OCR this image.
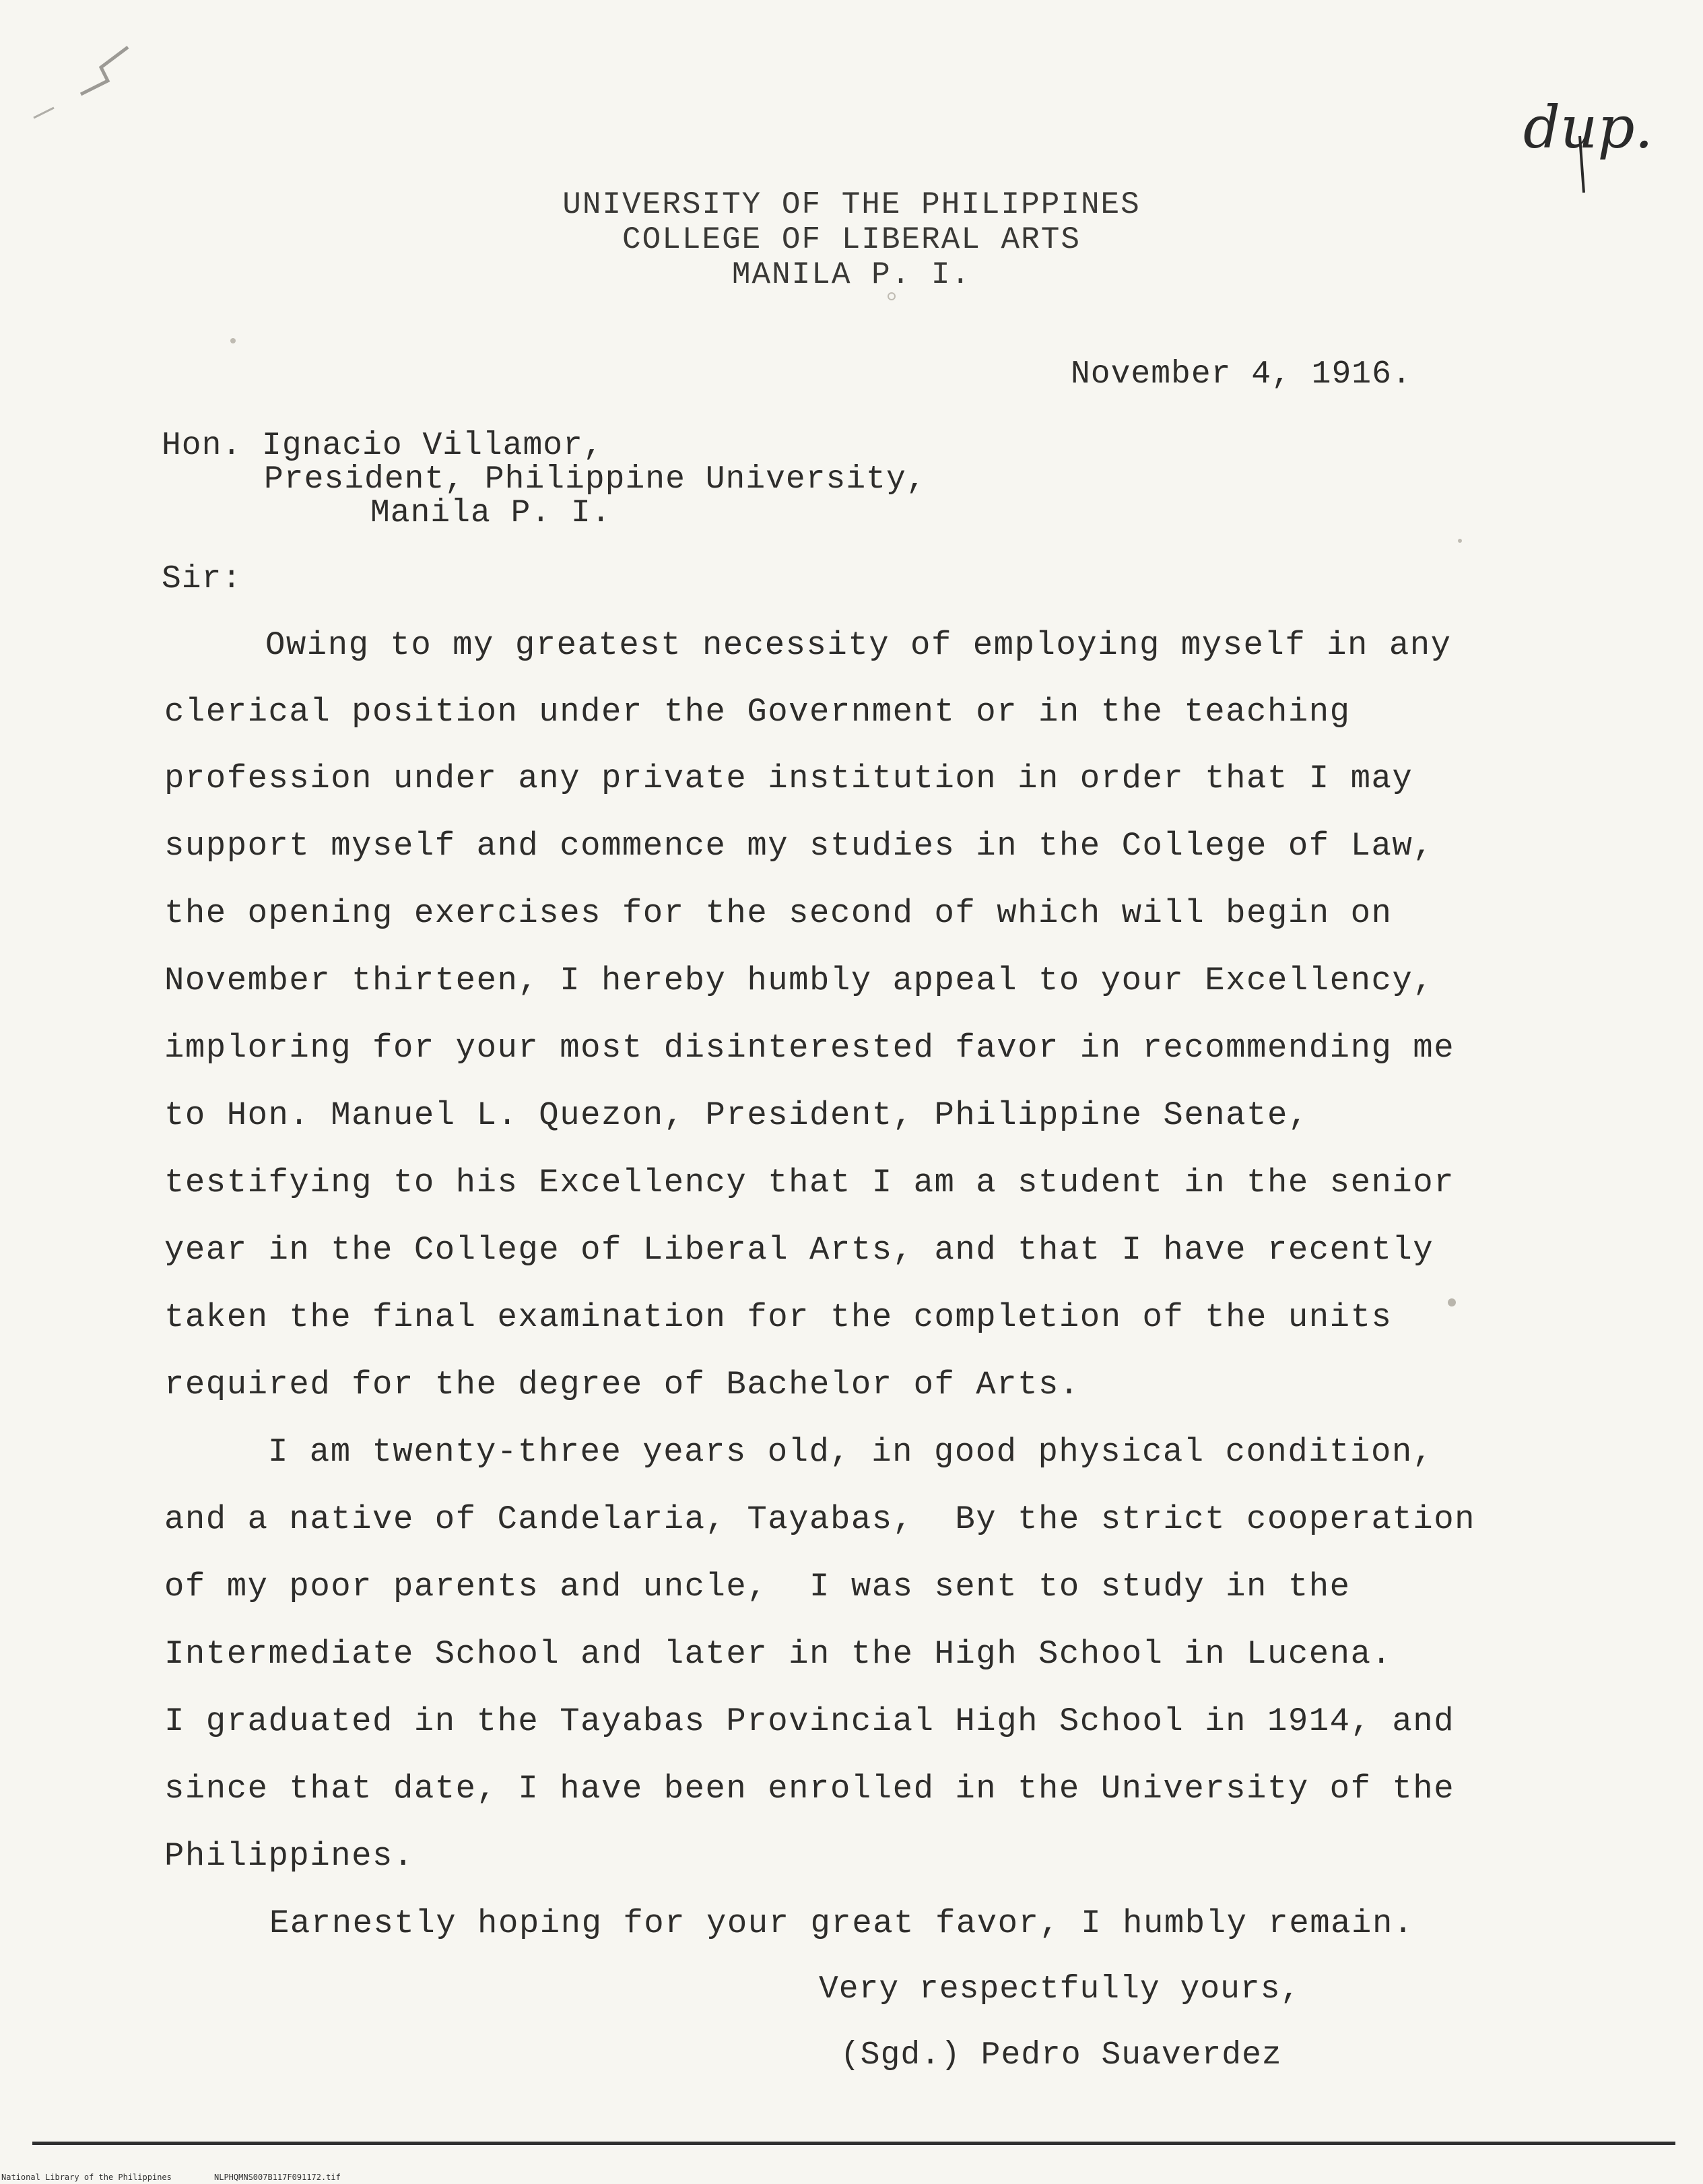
dup.
UNIVERSITY OF THE PHILIPPINES
COLLEGE OF LIBERAL ARTS
MANILA P. I.
November 4, 1916.
Hon. Ignacio Villamor,
President, Philippine University,
Manila P. I.
Sir:
Owing to my greatest necessity of employing myself in any
clerical position under the Government or in the teaching
profession under any private institution in order that I may
support myself and commence my studies in the College of Law,
the opening exercises for the second of which will begin on
November thirteen, I hereby humbly appeal to your Excellency,
imploring for your most disinterested favor in recommending me
to Hon. Manuel L. Quezon, President, Philippine Senate,
testifying to his Excellency that I am a student in the senior
year in the College of Liberal Arts, and that I have recently
taken the final examination for the completion of the units
required for the degree of Bachelor of Arts.
I am twenty-three years old, in good physical condition,
and a native of Candelaria, Tayabas,  By the strict cooperation
of my poor parents and uncle,  I was sent to study in the
Intermediate School and later in the High School in Lucena.
I graduated in the Tayabas Provincial High School in 1914, and
since that date, I have been enrolled in the University of the
Philippines.
Earnestly hoping for your great favor, I humbly remain.
Very respectfully yours,
(Sgd.) Pedro Suaverdez
National Library of the Philippines	NLPHQMNS007B117F091172.tif
